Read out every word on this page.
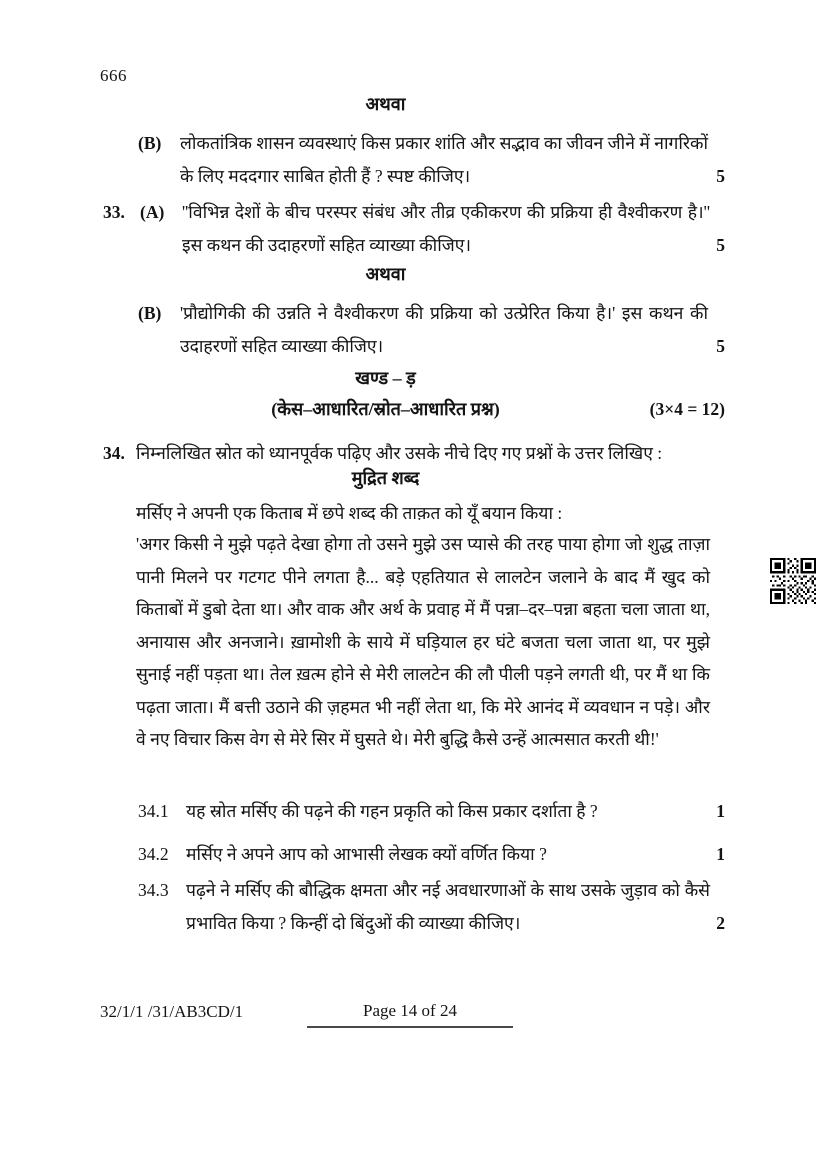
666
अथवा
(B)	लोकतांत्रिक शासन व्यवस्थाएं किस प्रकार शांति और सद्भाव का जीवन जीने में नागरिकों के लिए मददगार साबित होती हैं ? स्पष्ट कीजिए।	5
33. (A)	''विभिन्न देशों के बीच परस्पर संबंध और तीव्र एकीकरण की प्रक्रिया ही वैश्वीकरण है।'' इस कथन की उदाहरणों सहित व्याख्या कीजिए।	5
अथवा
(B)	'प्रौद्योगिकी की उन्नति ने वैश्वीकरण की प्रक्रिया को उत्प्रेरित किया है।' इस कथन की उदाहरणों सहित व्याख्या कीजिए।	5
खण्ड – ड़
(केस–आधारित/स्रोत–आधारित प्रश्न)	(3×4 = 12)
34. निम्नलिखित स्रोत को ध्यानपूर्वक पढ़िए और उसके नीचे दिए गए प्रश्नों के उत्तर लिखिए :
मुद्रित शब्द
मर्सिए ने अपनी एक किताब में छपे शब्द की ताक़त को यूँ बयान किया :
'अगर किसी ने मुझे पढ़ते देखा होगा तो उसने मुझे उस प्यासे की तरह पाया होगा जो शुद्ध ताज़ा पानी मिलने पर गटगट पीने लगता है... बड़े एहतियात से लालटेन जलाने के बाद मैं खुद को किताबों में डुबो देता था। और वाक और अर्थ के प्रवाह में मैं पन्ना–दर–पन्ना बहता चला जाता था, अनायास और अनजाने। ख़ामोशी के साये में घड़ियाल हर घंटे बजता चला जाता था, पर मुझे सुनाई नहीं पड़ता था। तेल ख़त्म होने से मेरी लालटेन की लौ पीली पड़ने लगती थी, पर मैं था कि पढ़ता जाता। मैं बत्ती उठाने की ज़हमत भी नहीं लेता था, कि मेरे आनंद में व्यवधान न पड़े। और वे नए विचार किस वेग से मेरे सिर में घुसते थे। मेरी बुद्धि कैसे उन्हें आत्मसात करती थी!'
34.1 यह स्रोत मर्सिए की पढ़ने की गहन प्रकृति को किस प्रकार दर्शाता है ?	1
34.2 मर्सिए ने अपने आप को आभासी लेखक क्यों वर्णित किया ?	1
34.3 पढ़ने ने मर्सिए की बौद्धिक क्षमता और नई अवधारणाओं के साथ उसके जुड़ाव को कैसे प्रभावित किया ? किन्हीं दो बिंदुओं की व्याख्या कीजिए।	2
32/1/1 /31/AB3CD/1	Page 14 of 24
